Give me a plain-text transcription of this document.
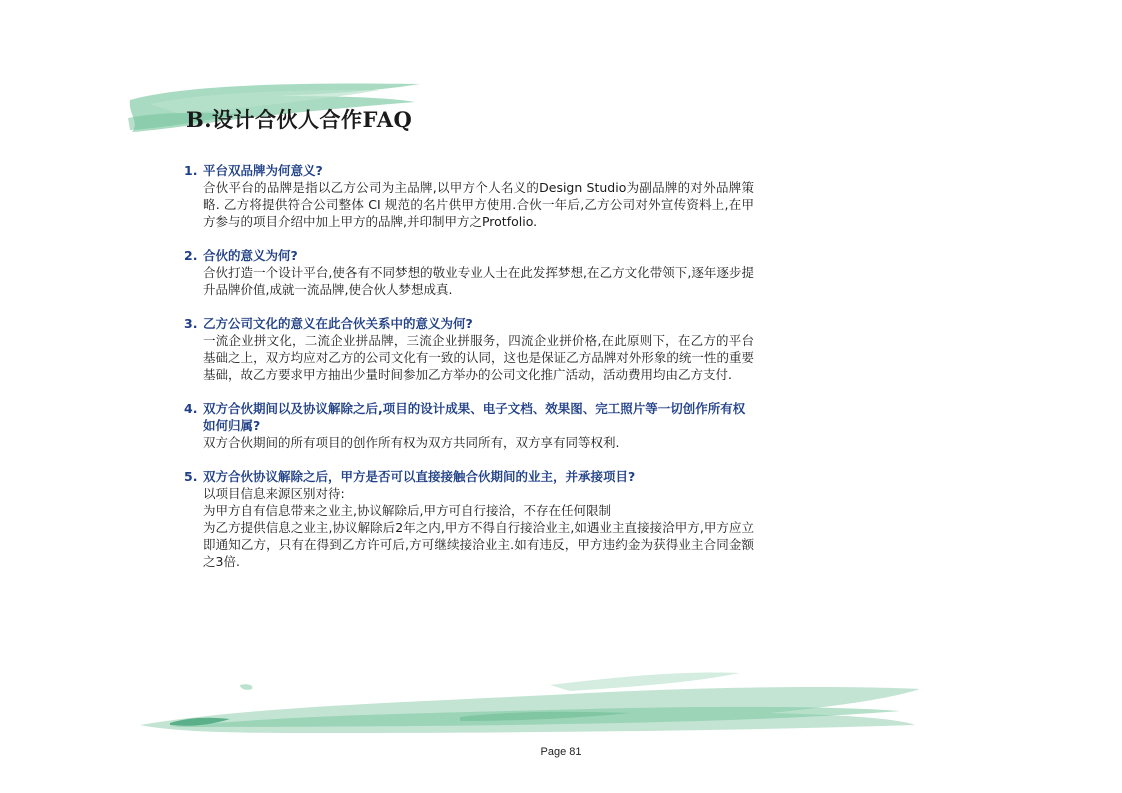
B.设计合伙人合作FAQ
1. 平台双品牌为何意义?
合伙平台的品牌是指以乙方公司为主品牌,以甲方个人名义的Design Studio为副品牌的对外品牌策略. 乙方将提供符合公司整体 CI 规范的名片供甲方使用.合伙一年后,乙方公司对外宣传资料上,在甲方参与的项目介绍中加上甲方的品牌,并印制甲方之Protfolio.
2. 合伙的意义为何?
合伙打造一个设计平台,使各有不同梦想的敬业专业人士在此发挥梦想,在乙方文化带领下,逐年逐步提升品牌价值,成就一流品牌,使合伙人梦想成真.
3. 乙方公司文化的意义在此合伙关系中的意义为何?
一流企业拼文化，二流企业拼品牌，三流企业拼服务，四流企业拼价格,在此原则下，在乙方的平台基础之上，双方均应对乙方的公司文化有一致的认同，这也是保证乙方品牌对外形象的统一性的重要基础，故乙方要求甲方抽出少量时间参加乙方举办的公司文化推广活动，活动费用均由乙方支付.
4. 双方合伙期间以及协议解除之后,项目的设计成果、电子文档、效果图、完工照片等一切创作所有权如何归属?
双方合伙期间的所有项目的创作所有权为双方共同所有，双方享有同等权利.
5. 双方合伙协议解除之后，甲方是否可以直接接触合伙期间的业主，并承接项目?
以项目信息来源区别对待:
为甲方自有信息带来之业主,协议解除后,甲方可自行接洽，不存在任何限制
为乙方提供信息之业主,协议解除后2年之内,甲方不得自行接洽业主,如遇业主直接接洽甲方,甲方应立即通知乙方，只有在得到乙方许可后,方可继续接洽业主.如有违反，甲方违约金为获得业主合同金额之3倍.
Page 81
